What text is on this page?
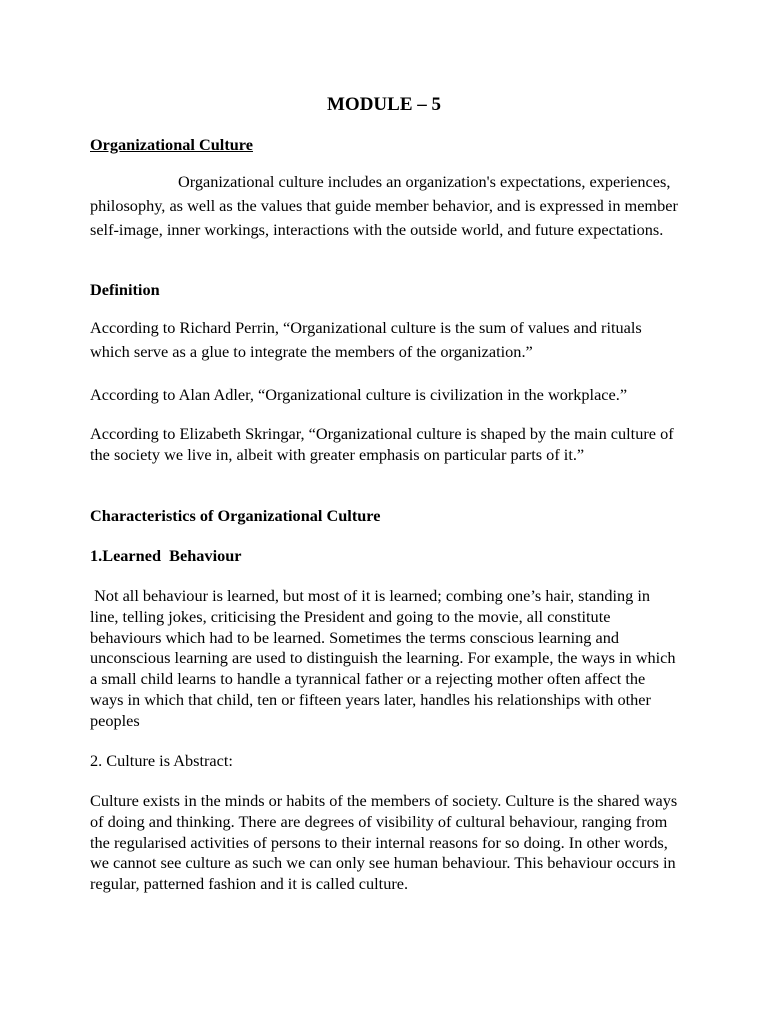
MODULE – 5
Organizational Culture

Organizational culture includes an organization's expectations, experiences, philosophy, as well as the values that guide member behavior, and is expressed in member self-image, inner workings, interactions with the outside world, and future expectations.

Definition

According to Richard Perrin, “Organizational culture is the sum of values and rituals which serve as a glue to integrate the members of the organization.”

According to Alan Adler, “Organizational culture is civilization in the workplace.”

According to Elizabeth Skringar, “Organizational culture is shaped by the main culture of the society we live in, albeit with greater emphasis on particular parts of it.”

Characteristics of Organizational Culture
1.Learned  Behaviour

Not all behaviour is learned, but most of it is learned; combing one’s hair, standing in line, telling jokes, criticising the President and going to the movie, all constitute behaviours which had to be learned. Sometimes the terms conscious learning and unconscious learning are used to distinguish the learning. For example, the ways in which a small child learns to handle a tyrannical father or a rejecting mother often affect the ways in which that child, ten or fifteen years later, handles his relationships with other peoples

2. Culture is Abstract:

Culture exists in the minds or habits of the members of society. Culture is the shared ways of doing and thinking. There are degrees of visibility of cultural behaviour, ranging from the regularised activities of persons to their internal reasons for so doing. In other words, we cannot see culture as such we can only see human behaviour. This behaviour occurs in regular, patterned fashion and it is called culture.
